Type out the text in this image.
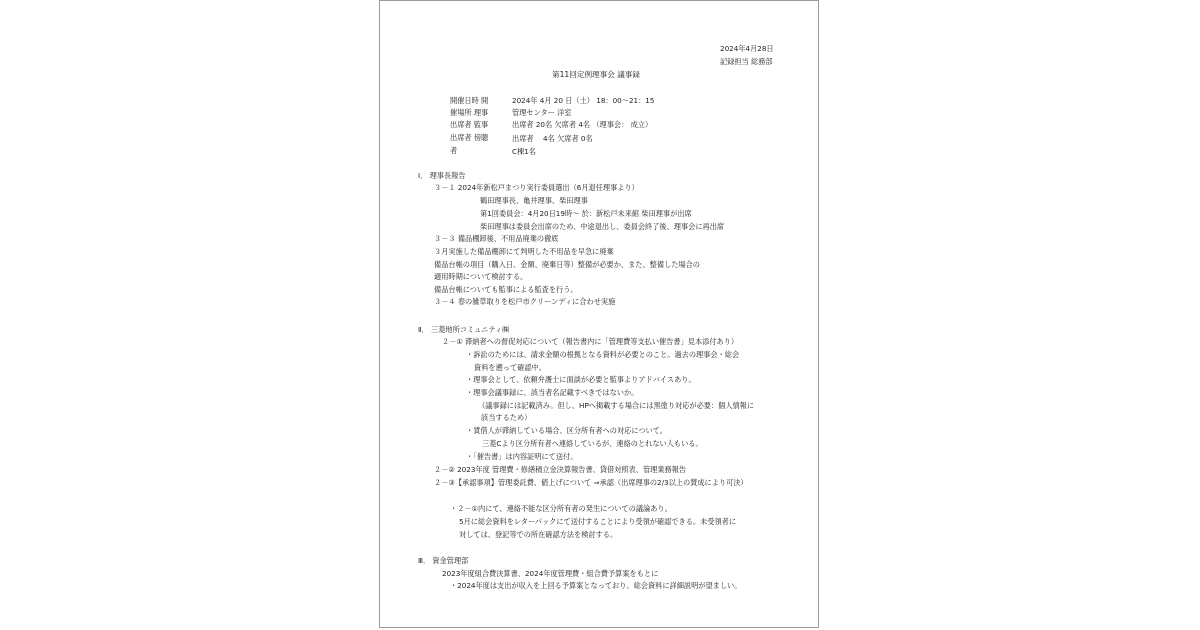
2024年4月28日
記録担当 総務部
第11回定例理事会 議事録
開催日時 開	2024年 4月 20 日（土） 18：00〜21：15
催場所 理事	管理センター 洋室
出席者 監事	出席者 20名 欠席者 4名 （理事会： 成立）
出席者 傍聴	出席者　 4名 欠席者 0名
者	C棟1名
Ⅰ． 理事長報告
３－１ 2024年新松戸まつり実行委員選出（6月退任理事より）
鶴田理事長、亀井理事、柴田理事
第1回委員会：4月20日19時〜 於：新松戸未来館 柴田理事が出席
柴田理事は委員会出席のため、中途退出し、委員会終了後、理事会に再出席
３－３ 備品棚卸後、不用品廃棄の徹底
３月実施した備品棚卸にて判明した不用品を早急に廃棄
備品台帳の項目（購入日、金額、廃棄日等）整備が必要か、また、整備した場合の
適用時期について検討する。
備品台帳についても監事による監査を行う。
３－４ 春の雑草取りを松戸市クリーンディに合わせ実施
Ⅱ． 三菱地所コミュニティ㈱
２－① 滞納者への督促対応について（報告書内に「管理費等支払い催告書」見本添付あり）
・訴訟のためには、請求金額の根拠となる資料が必要とのこと。過去の理事会・総会
資料を遡って確認中。
・理事会として、依頼弁護士に面談が必要と監事よりアドバイスあり。
・理事会議事録に、該当者名記載すべきではないか。
（議事録には記載済み。但し、HPへ掲載する場合には黒塗り対応が必要：個人情報に
該当するため）
・賃借人が滞納している場合、区分所有者への対応について。
三菱Cより区分所有者へ連絡しているが、連絡のとれない人もいる。
・「催告書」は内容証明にて送付。
２－② 2023年度 管理費・修繕積立金決算報告書、貸借対照表、管理業務報告
２－③【承認事項】管理委託費、値上げについて ⇒承認（出席理事の2/3以上の賛成により可決）
・２－①内にて、連絡不能な区分所有者の発生についての議論あり。
5月に総会資料をレターパックにて送付することにより受領が確認できる。未受領者に
対しては、登記等での所在確認方法を検討する。
Ⅲ． 資金管理部
2023年度組合費決算書、2024年度管理費・組合費予算案をもとに
・2024年度は支出が収入を上回る予算案となっており、総会資料に詳細説明が望ましい。
